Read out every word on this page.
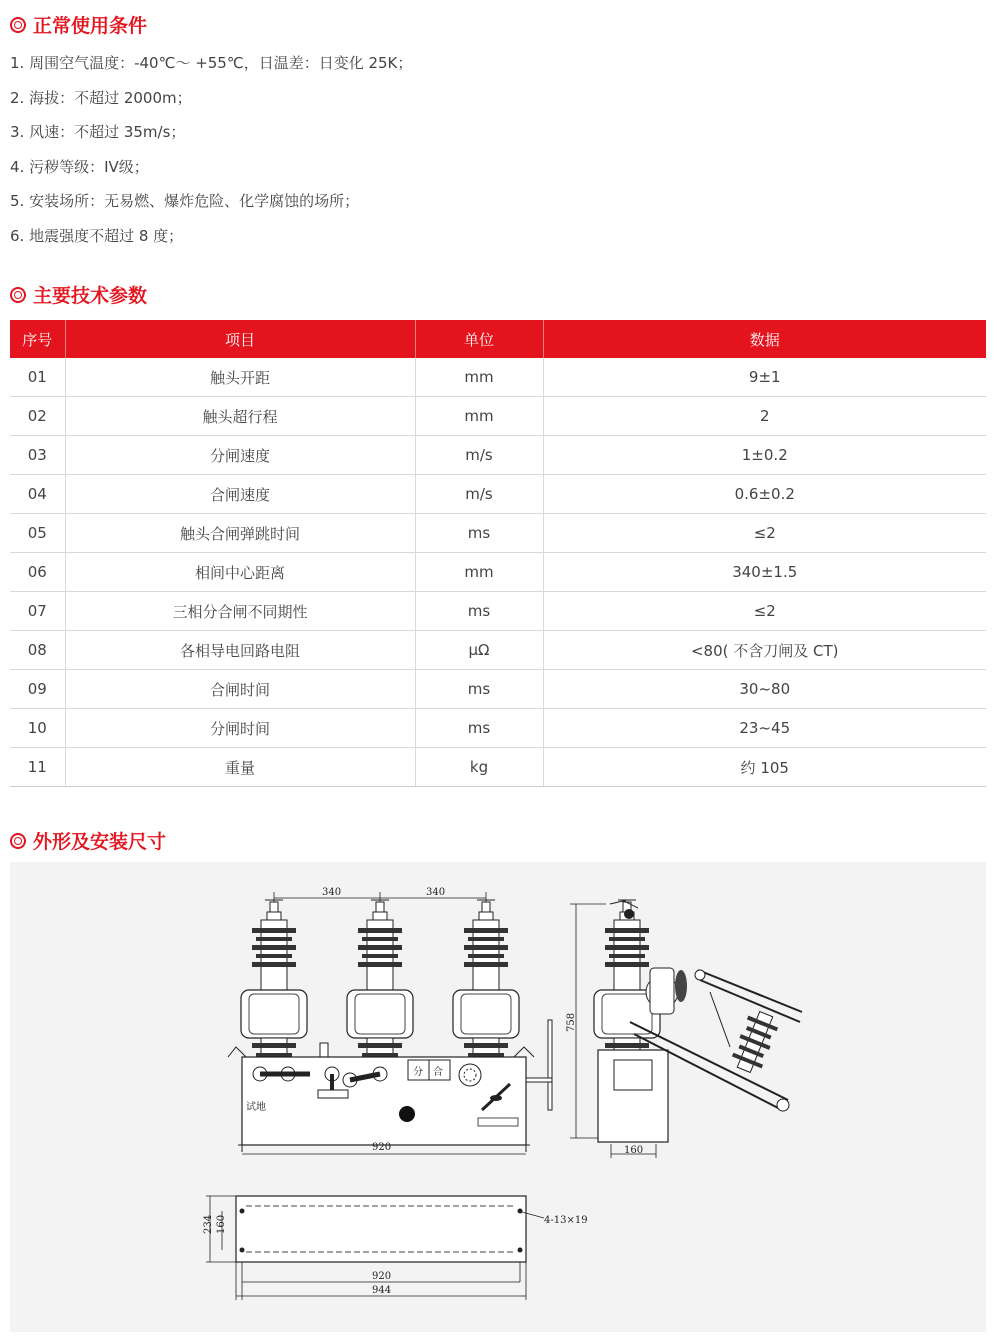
正常使用条件
1. 周围空气温度：-40℃～ +55℃，日温差：日变化 25K；
2. 海拔：不超过 2000m；
3. 风速：不超过 35m/s；
4. 污秽等级：IV级；
5. 安装场所：无易燃、爆炸危险、化学腐蚀的场所；
6. 地震强度不超过 8 度；
主要技术参数
序号	项目	单位	数据
01	触头开距	mm	9±1
02	触头超行程	mm	2
03	分闸速度	m/s	1±0.2
04	合闸速度	m/s	0.6±0.2
05	触头合闸弹跳时间	ms	≤2
06	相间中心距离	mm	340±1.5
07	三相分合闸不同期性	ms	≤2
08	各相导电回路电阻	μΩ	<80( 不含刀闸及 CT)
09	合闸时间	ms	30~80
10	分闸时间	ms	23~45
11	重量	kg	约 105
外形及安装尺寸
340	340
分 合
试地
920
758
160
4-13×19
234 160
920
944
